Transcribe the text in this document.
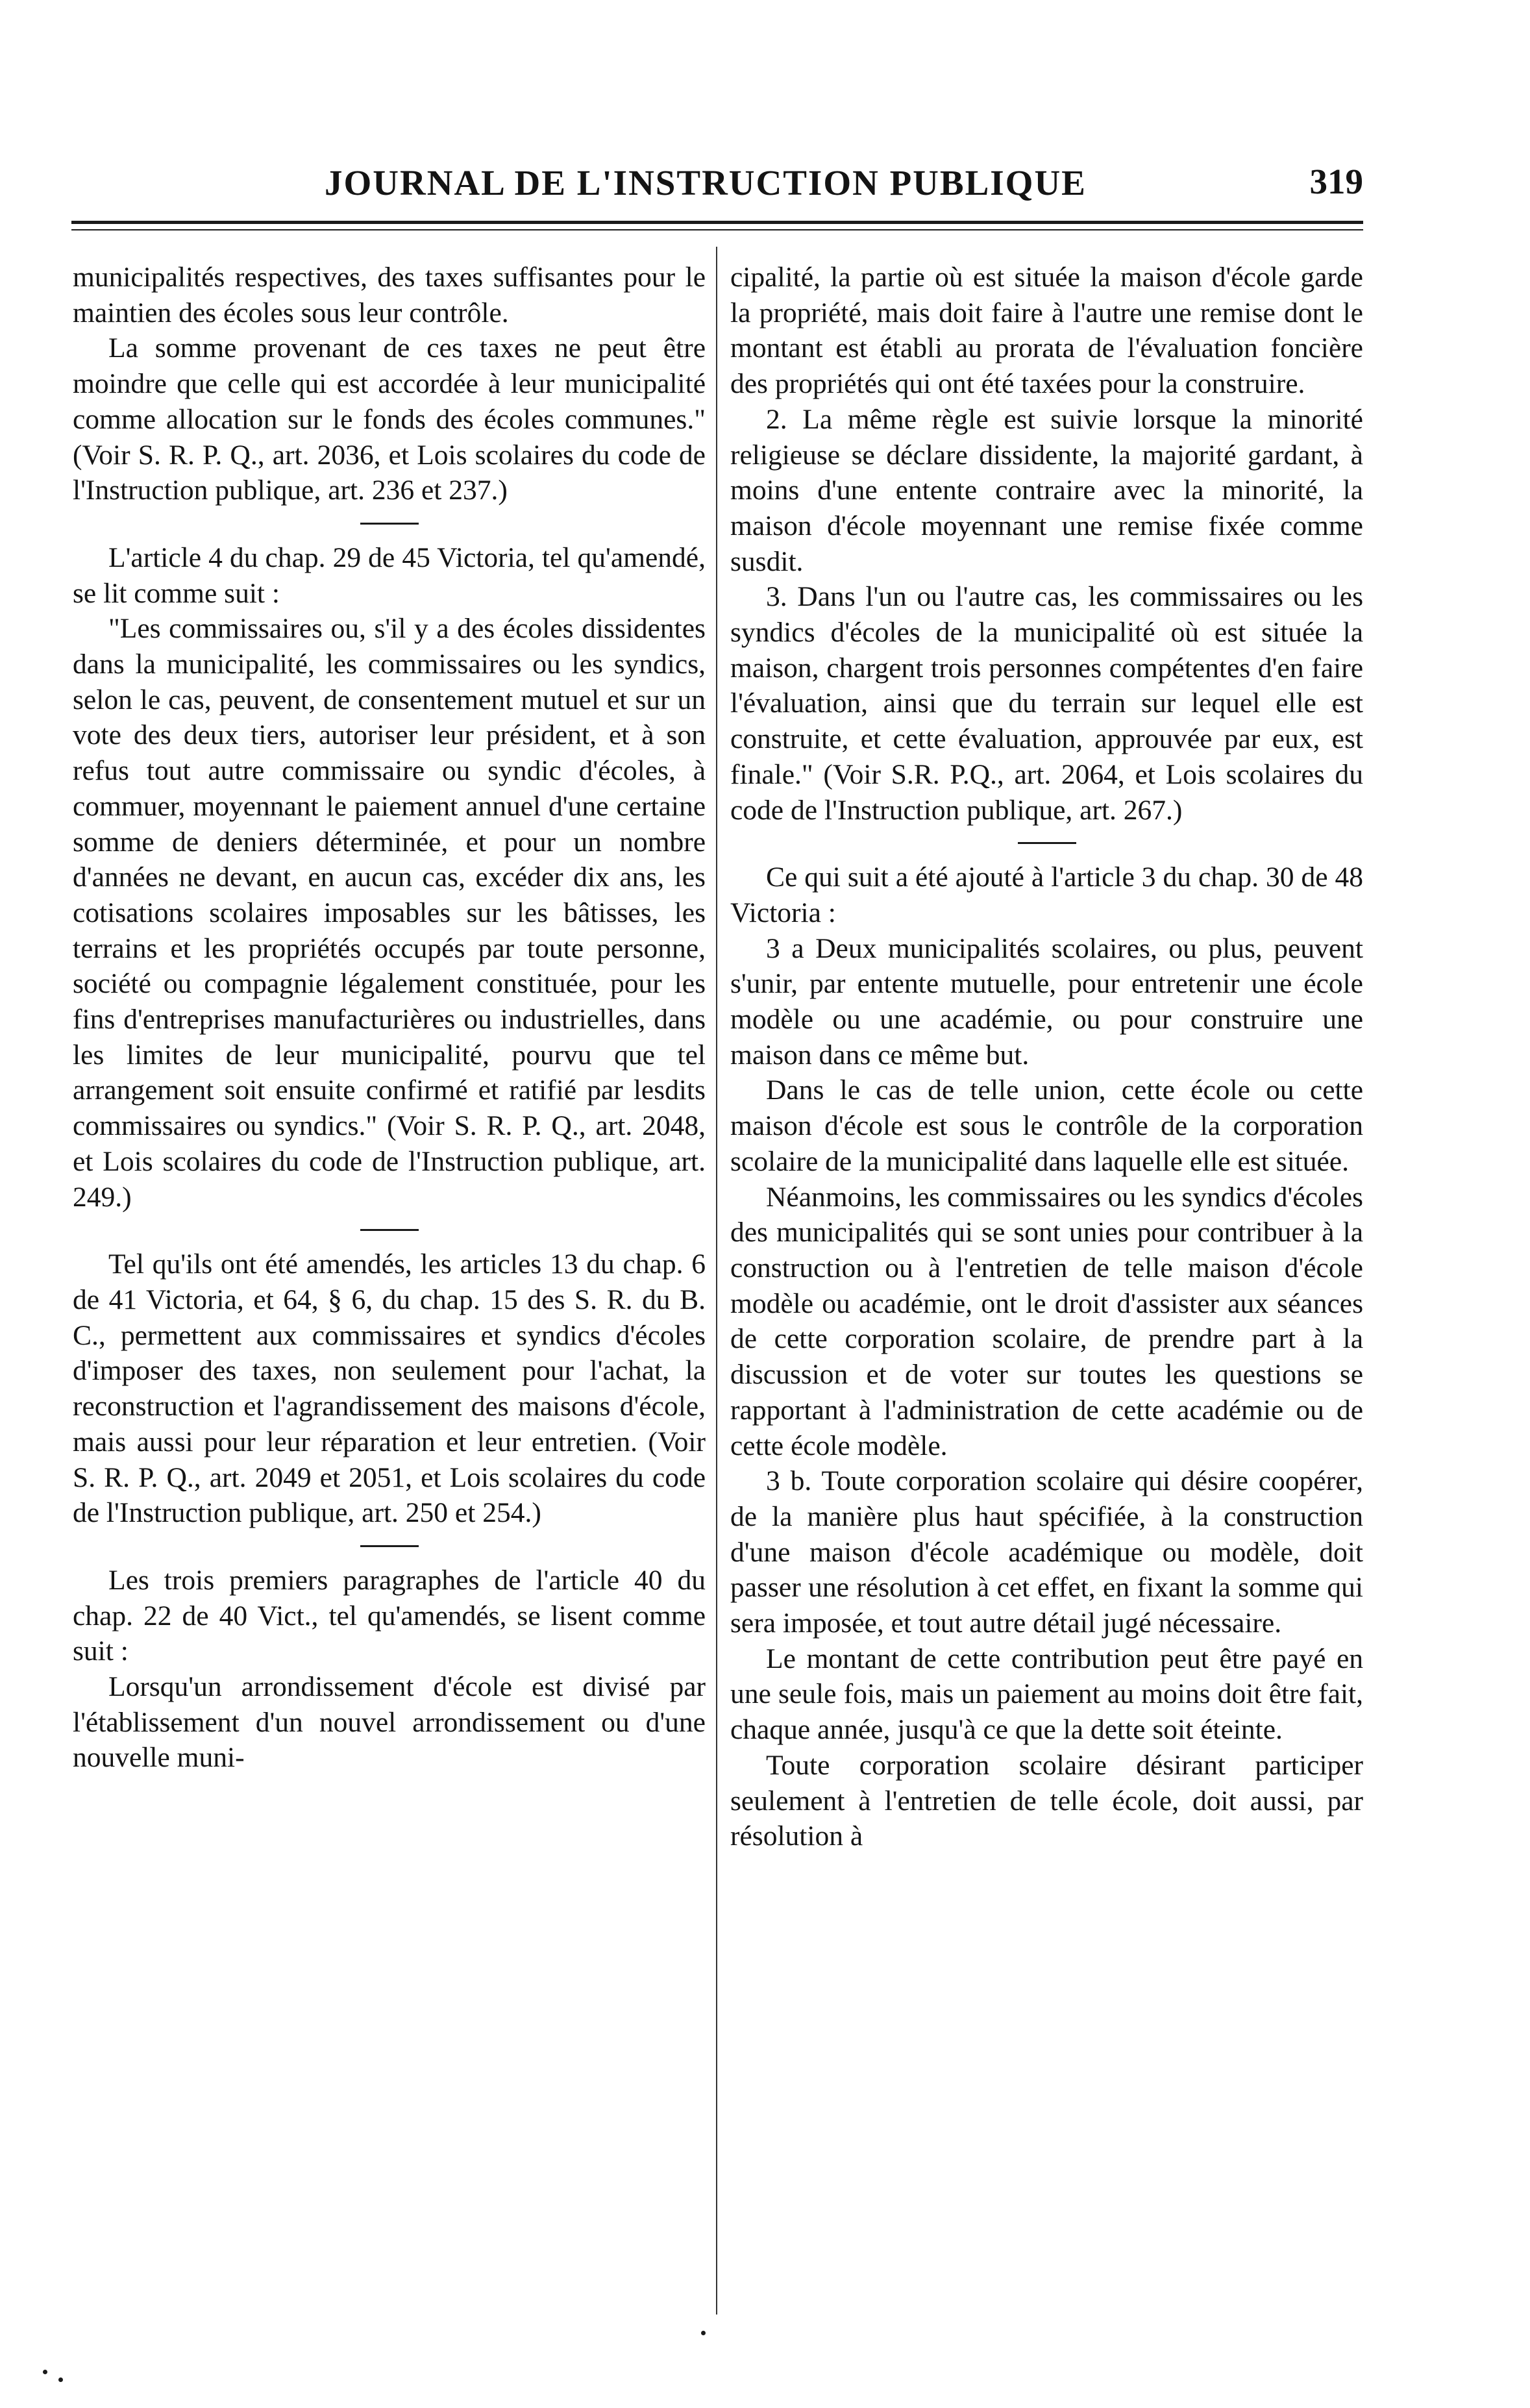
JOURNAL DE L'INSTRUCTION PUBLIQUE	319

municipalités respectives, des taxes suffisantes pour le maintien des écoles sous leur contrôle.

La somme provenant de ces taxes ne peut être moindre que celle qui est accordée à leur municipalité comme allocation sur le fonds des écoles communes." (Voir S. R. P. Q., art. 2036, et Lois scolaires du code de l'Instruction publique, art. 236 et 237.)

L'article 4 du chap. 29 de 45 Victoria, tel qu'amendé, se lit comme suit :

"Les commissaires ou, s'il y a des écoles dissidentes dans la municipalité, les commissaires ou les syndics, selon le cas, peuvent, de consentement mutuel et sur un vote des deux tiers, autoriser leur président, et à son refus tout autre commissaire ou syndic d'écoles, à commuer, moyennant le paiement annuel d'une certaine somme de deniers déterminée, et pour un nombre d'années ne devant, en aucun cas, excéder dix ans, les cotisations scolaires imposables sur les bâtisses, les terrains et les propriétés occupés par toute personne, société ou compagnie légalement constituée, pour les fins d'entreprises manufacturières ou industrielles, dans les limites de leur municipalité, pourvu que tel arrangement soit ensuite confirmé et ratifié par lesdits commissaires ou syndics." (Voir S. R. P. Q., art. 2048, et Lois scolaires du code de l'Instruction publique, art. 249.)

Tel qu'ils ont été amendés, les articles 13 du chap. 6 de 41 Victoria, et 64, § 6, du chap. 15 des S. R. du B. C., permettent aux commissaires et syndics d'écoles d'imposer des taxes, non seulement pour l'achat, la reconstruction et l'agrandissement des maisons d'école, mais aussi pour leur réparation et leur entretien. (Voir S. R. P. Q., art. 2049 et 2051, et Lois scolaires du code de l'Instruction publique, art. 250 et 254.)

Les trois premiers paragraphes de l'article 40 du chap. 22 de 40 Vict., tel qu'amendés, se lisent comme suit :

Lorsqu'un arrondissement d'école est divisé par l'établissement d'un nouvel arrondissement ou d'une nouvelle muni-

cipalité, la partie où est située la maison d'école garde la propriété, mais doit faire à l'autre une remise dont le montant est établi au prorata de l'évaluation foncière des propriétés qui ont été taxées pour la construire.

2. La même règle est suivie lorsque la minorité religieuse se déclare dissidente, la majorité gardant, à moins d'une entente contraire avec la minorité, la maison d'école moyennant une remise fixée comme susdit.

3. Dans l'un ou l'autre cas, les commissaires ou les syndics d'écoles de la municipalité où est située la maison, chargent trois personnes compétentes d'en faire l'évaluation, ainsi que du terrain sur lequel elle est construite, et cette évaluation, approuvée par eux, est finale." (Voir S.R. P.Q., art. 2064, et Lois scolaires du code de l'Instruction publique, art. 267.)

Ce qui suit a été ajouté à l'article 3 du chap. 30 de 48 Victoria :

3 a Deux municipalités scolaires, ou plus, peuvent s'unir, par entente mutuelle, pour entretenir une école modèle ou une académie, ou pour construire une maison dans ce même but.

Dans le cas de telle union, cette école ou cette maison d'école est sous le contrôle de la corporation scolaire de la municipalité dans laquelle elle est située.

Néanmoins, les commissaires ou les syndics d'écoles des municipalités qui se sont unies pour contribuer à la construction ou à l'entretien de telle maison d'école modèle ou académie, ont le droit d'assister aux séances de cette corporation scolaire, de prendre part à la discussion et de voter sur toutes les questions se rapportant à l'administration de cette académie ou de cette école modèle.

3 b. Toute corporation scolaire qui désire coopérer, de la manière plus haut spécifiée, à la construction d'une maison d'école académique ou modèle, doit passer une résolution à cet effet, en fixant la somme qui sera imposée, et tout autre détail jugé nécessaire.

Le montant de cette contribution peut être payé en une seule fois, mais un paiement au moins doit être fait, chaque année, jusqu'à ce que la dette soit éteinte.

Toute corporation scolaire désirant participer seulement à l'entretien de telle école, doit aussi, par résolution à
